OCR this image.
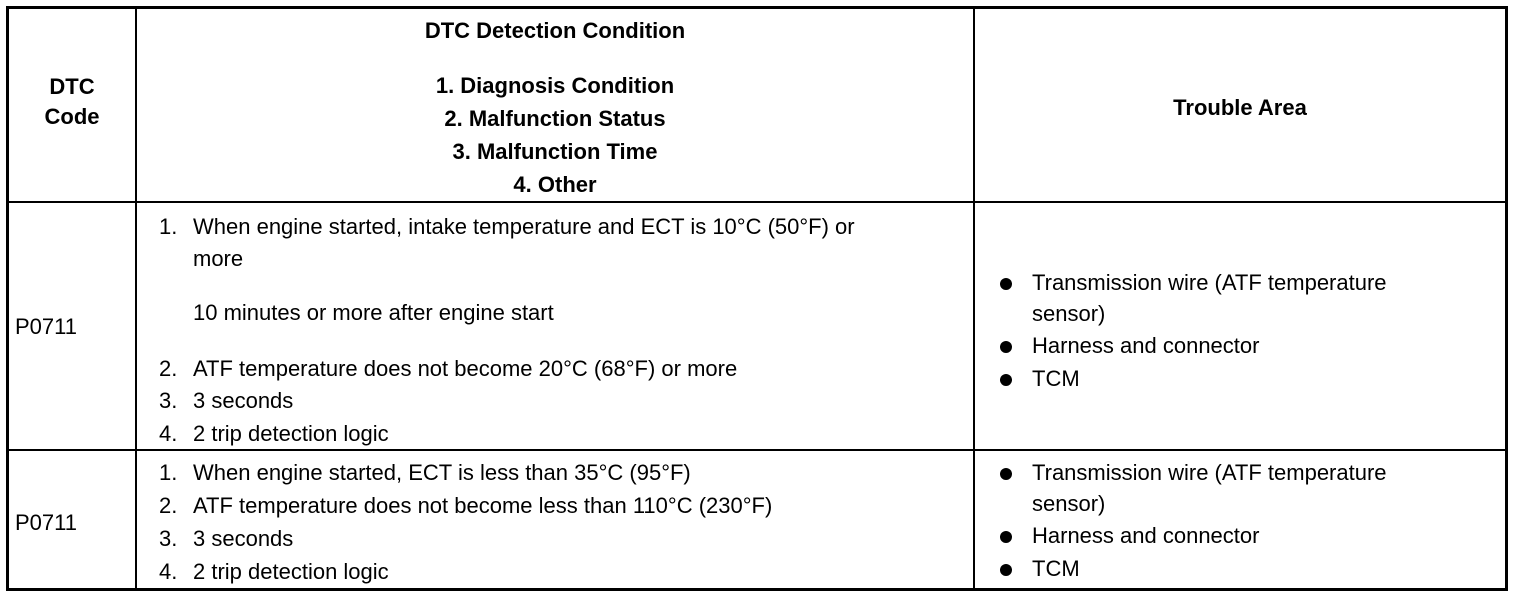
DTC
Code
DTC Detection Condition
1. Diagnosis Condition
2. Malfunction Status
3. Malfunction Time
4. Other
Trouble Area
P0711
1. When engine started, intake temperature and ECT is 10°C (50°F) or
more
10 minutes or more after engine start
2. ATF temperature does not become 20°C (68°F) or more
3. 3 seconds
4. 2 trip detection logic
Transmission wire (ATF temperature
sensor)
Harness and connector
TCM
P0711
1. When engine started, ECT is less than 35°C (95°F)
2. ATF temperature does not become less than 110°C (230°F)
3. 3 seconds
4. 2 trip detection logic
Transmission wire (ATF temperature
sensor)
Harness and connector
TCM
